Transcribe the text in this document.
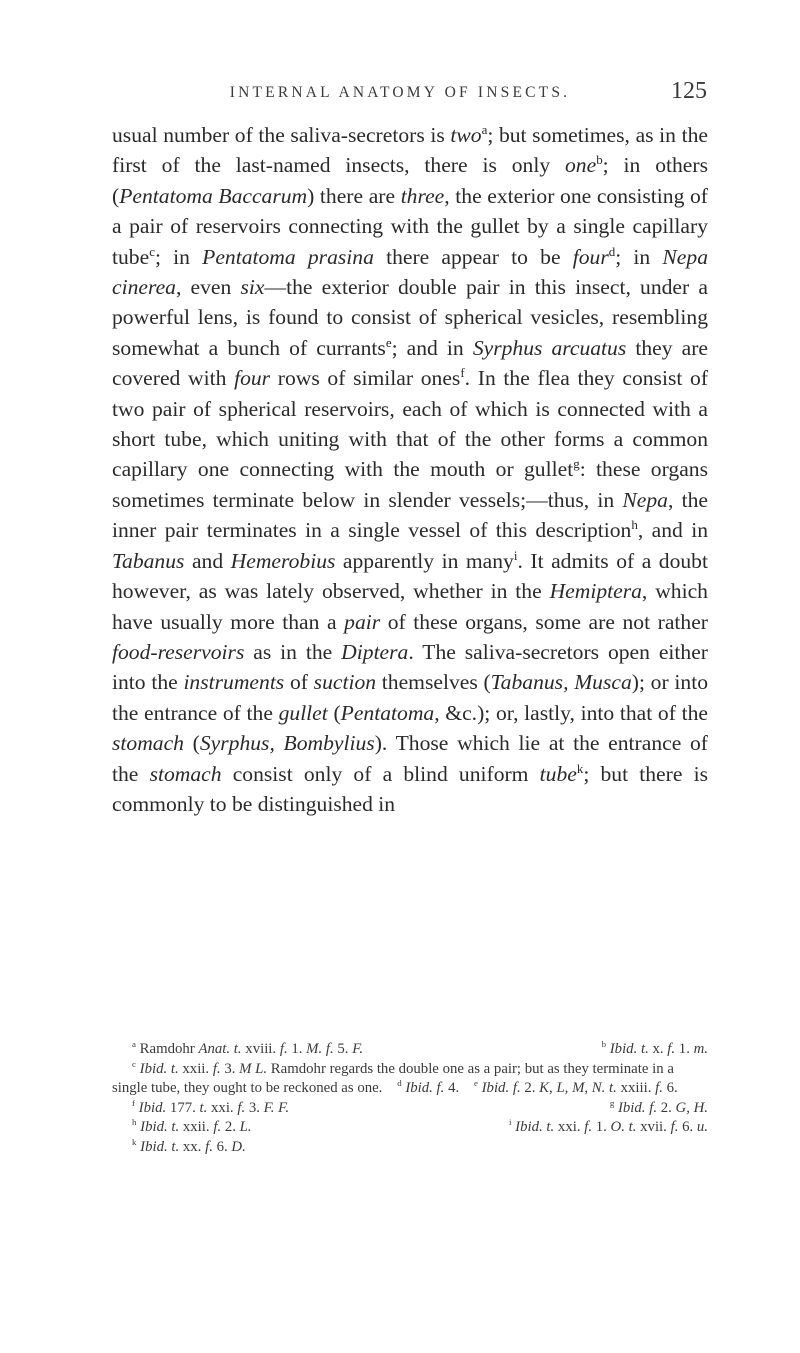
INTERNAL ANATOMY OF INSECTS.	125

usual number of the saliva-secretors is two$^a$; but sometimes, as in the first of the last-named insects, there is only one$^b$; in others (Pentatoma Baccarum) there are three, the exterior one consisting of a pair of reservoirs connecting with the gullet by a single capillary tube$^c$; in Pentatoma prasina there appear to be four$^d$; in Nepa cinerea, even six—the exterior double pair in this insect, under a powerful lens, is found to consist of spherical vesicles, resembling somewhat a bunch of currants$^e$; and in Syrphus arcuatus they are covered with four rows of similar ones$^f$. In the flea they consist of two pair of spherical reservoirs, each of which is connected with a short tube, which uniting with that of the other forms a common capillary one connecting with the mouth or gullet$^g$: these organs sometimes terminate below in slender vessels;—thus, in Nepa, the inner pair terminates in a single vessel of this description$^h$, and in Tabanus and Hemerobius apparently in many$^i$. It admits of a doubt however, as was lately observed, whether in the Hemiptera, which have usually more than a pair of these organs, some are not rather food-reservoirs as in the Diptera. The saliva-secretors open either into the instruments of suction themselves (Tabanus, Musca); or into the entrance of the gullet (Pentatoma, &c.); or, lastly, into that of the stomach (Syrphus, Bombylius). Those which lie at the entrance of the stomach consist only of a blind uniform tube$^k$; but there is commonly to be distinguished in

$^a$ Ramdohr Anat. t. xviii. f. 1. M. f. 5. F.	$^b$ Ibid. t. x. f. 1. m.
$^c$ Ibid. t. xxii. f. 3. M L. Ramdohr regards the double one as a pair; but as they terminate in a single tube, they ought to be reckoned as one. $^d$ Ibid. f. 4. $^e$ Ibid. f. 2. K, L, M, N. t. xxiii. f. 6.
$^f$ Ibid. 177. t. xxi. f. 3. F. F.	$^g$ Ibid. f. 2. G, H.
$^h$ Ibid. t. xxii. f. 2. L.	$^i$ Ibid. t. xxi. f. 1. O. t. xvii. f. 6. u.
$^k$ Ibid. t. xx. f. 6. D.
